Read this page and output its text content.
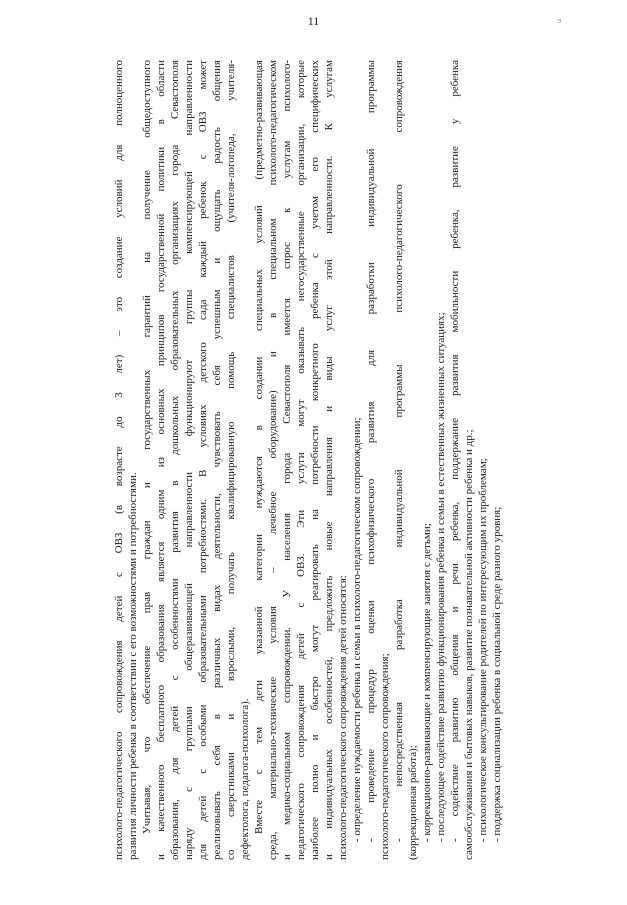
11	з
психолого-педагогического сопровождения детей с ОВЗ (в возрасте до 3 лет) – это создание условий для полноценного развития личности ребенка в соответствии с его возможностями и потребностями. Учитывая, что обеспечение прав граждан и государственных гарантий на получение общедоступного и качественного бесплатного образования является одним из основных принципов государственной политики в области образования, для детей с особенностями развития в дошкольных образовательных организациях города Севастополя наряду с группами общеразвивающей направленности функционируют группы компенсирующей направленности для детей с особыми образовательными потребностями. В условиях детского сада каждый ребенок с ОВЗ может реализовывать себя в различных видах деятельности, чувствовать себя успешным и ощущать радость общения со сверстниками и взрослыми, получать квалифицированную помощь специалистов (учителя-логопеда, учителя- дефектолога, педагога-психолога). Вместе с тем дети указанной категории нуждаются в создании специальных условий (предметно-развивающая среда, материально-технические условия – лечебное оборудование) и в специальном психолого-педагогическом и медико-социальном сопровождении. У населения города Севастополя имеется спрос к услугам психолого- педагогического сопровождения детей с ОВЗ. Эти услуги могут оказывать негосударственные организации, которые наиболее полно и быстро могут реагировать на потребности конкретного ребенка с учетом его специфических и индивидуальных особенностей, предложить новые направления и виды услуг этой направленности. К услугам психолого-педагогического сопровождения детей относятся: - определение нуждаемости ребенка и семьи в психолого-педагогическом сопровождении; - проведение процедур оценки психофизического развития для разработки индивидуальной программы психолого-педагогического сопровождения; - непосредственная разработка индивидуальной программы психолого-педагогического сопровождения (коррекционная работа); - коррекционно-развивающие и компенсирующие занятия с детьми; - последующее содействие развитию функционирования ребенка и семьи в естественных жизненных ситуациях; - содействие развитию общения и речи ребенка, поддержание развития мобильности ребенка, развитие у ребенка самообслуживания и бытовых навыков, развитие познавательной активности ребенка и др.; - психологическое консультирование родителей по интересующим их проблемам; - поддержка социализации ребенка в социальной среде разного уровня;
